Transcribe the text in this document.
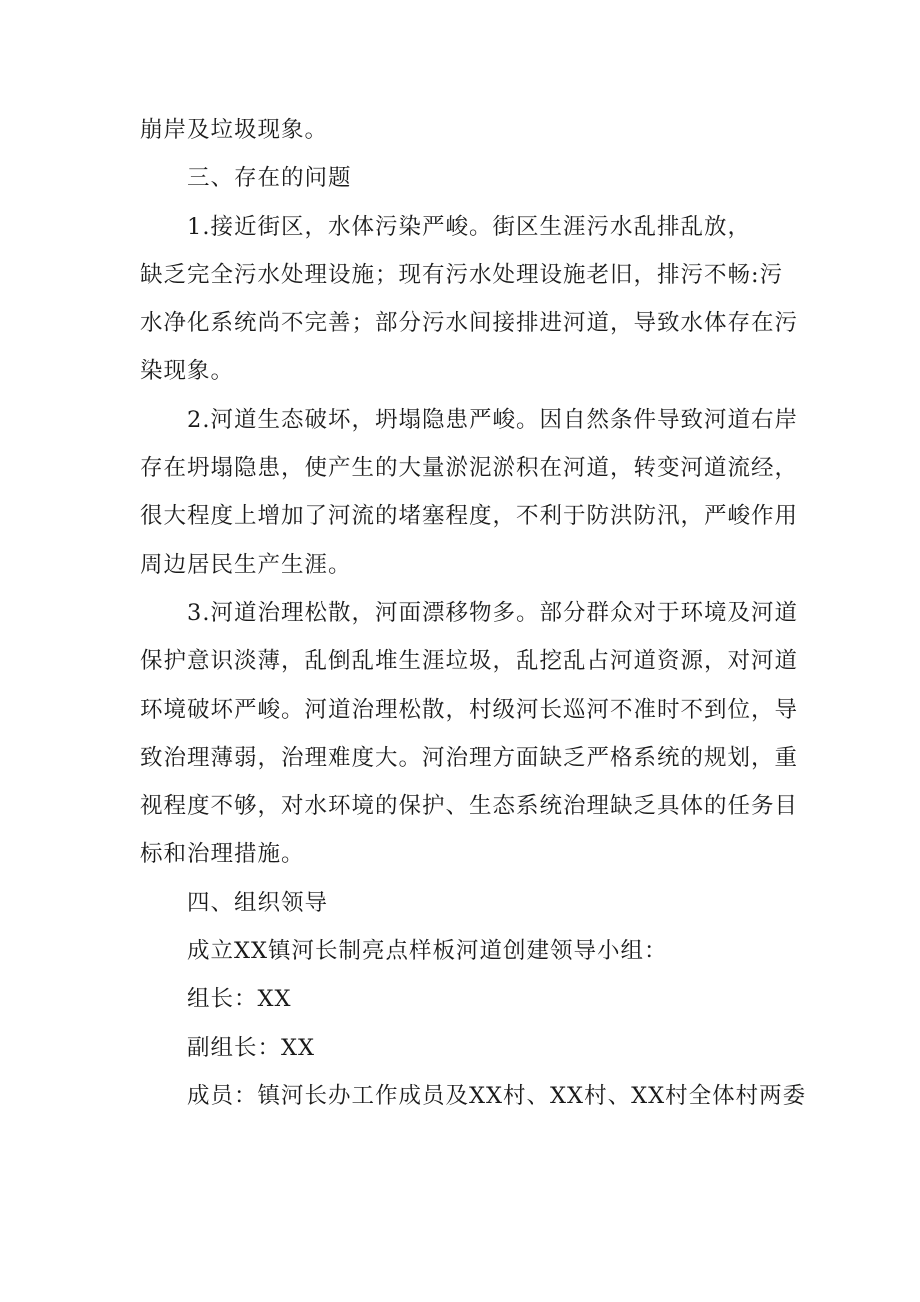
崩岸及垃圾现象。
三、存在的问题
1.接近街区，水体污染严峻。街区生涯污水乱排乱放，
缺乏完全污水处理设施；现有污水处理设施老旧，排污不畅:污
水净化系统尚不完善；部分污水间接排进河道，导致水体存在污
染现象。
2.河道生态破坏，坍塌隐患严峻。因自然条件导致河道右岸
存在坍塌隐患，使产生的大量淤泥淤积在河道，转变河道流经，
很大程度上增加了河流的堵塞程度，不利于防洪防汛，严峻作用
周边居民生产生涯。
3.河道治理松散，河面漂移物多。部分群众对于环境及河道
保护意识淡薄，乱倒乱堆生涯垃圾，乱挖乱占河道资源，对河道
环境破坏严峻。河道治理松散，村级河长巡河不准时不到位，导
致治理薄弱，治理难度大。河治理方面缺乏严格系统的规划，重
视程度不够，对水环境的保护、生态系统治理缺乏具体的任务目
标和治理措施。
四、组织领导
成立XX镇河长制亮点样板河道创建领导小组：
组长：XX
副组长：XX
成员：镇河长办工作成员及XX村、XX村、XX村全体村两委
